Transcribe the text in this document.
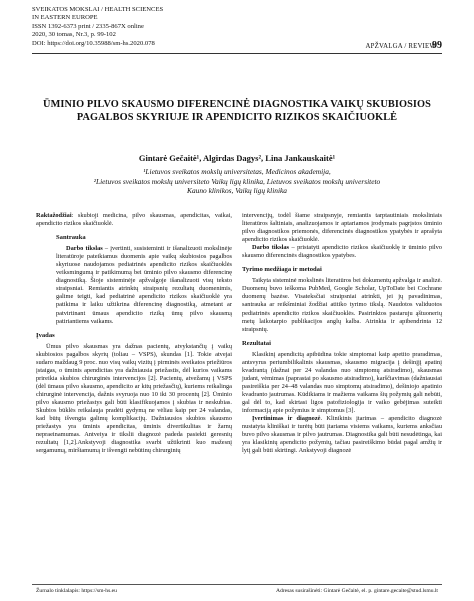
SVEIKATOS MOKSLAI / HEALTH SCIENCES
IN EASTERN EUROPE
ISSN 1392-6373 print / 2335-867X online
2020, 30 tomas, Nr.3, p. 99-102
DOI: https://doi.org/10.35988/sm-hs.2020.078	APŽVALGA / REVIEW
99
ŪMINIO PILVO SKAUSMO DIFERENCINĖ DIAGNOSTIKA VAIKŲ SKUBIOSIOS PAGALBOS SKYRIUJE IR APENDICITO RIZIKOS SKAIČIUOKLĖ
Gintarė Gečaitė¹, Algirdas Dagys², Lina Jankauskaitė¹
¹Lietuvos sveikatos mokslų universitetas, Medicinos akademija,
²Lietuvos sveikatos mokslų universiteto Vaikų ligų klinika, Lietuvos sveikatos mokslų universiteto
Kauno klinikos, Vaikų ligų klinika

Raktažodžiai: skubioji medicina, pilvo skausmas, apendicitas, vaikai, apendicito rizikos skaičiuoklė.

Santrauka

Darbo tikslas – įvertinti, susisteminti ir išanalizuoti mokslinėje literatūroje pateikiamus duomenis apie vaikų skubiosios pagalbos skyriuose naudojamos pediatrinės apendicito rizikos skaičiuoklės veiksmingumą ir patikimumą bei ūminio pilvo skausmo diferencinę diagnostiką. Šioje sisteminėje apžvalgoje išanalizuoti visų teksto straipsniai. Remiantis atrinktų straipsnių rezultatų duomenimis, galime teigti, kad pediatrinė apendicito rizikos skaičiuoklė yra patikima ir laiku užtikrina diferencinę diagnostiką, atmetant ar patvirtinant ūmaus apendicito riziką ūmų pilvo skausmą patiriantiems vaikams.

Įvadas

Ūmus pilvo skausmas yra dažnas pacientų, atvykstančių į vaikų skubiosios pagalbos skyrių (toliau – VSPS), skundas [1]. Tokie atvejai sudaro maždaug 9 proc. nuo visų vaikų vizitų į pirminės sveikatos priežiūros įstaigas, o ūminis apendicitas yra dažniausia priežastis, dėl kurios vaikams prireikia skubios chirurginės intervencijos [2]. Pacientų, atvežamų į VSPS (dėl ūmaus pilvo skausmo, apendicito ar kitų priežasčių), kuriems reikalinga chirurginė intervencija, dažnis svyruoja nuo 10 iki 30 procentų [2]. Ūminio pilvo skausmo priežastys gali būti klasifikuojamos į skubias ir neskubias. Skubios būklės reikalauja pradėti gydymą ne vėliau kaip per 24 valandas, kad būtų išvengta galimų komplikacijų. Dažniausios skubios skausmo priežastys yra ūminis apendicitas, ūminis divertikulitas ir žarnų nepraeinamumas. Antveiya ir tikslii diagnozė padeda pasiekti geresnių rezultatų [1,2].Ankstyvoji diagnostika svarbi užtikrinti kuo mažesnį sergamumą, mirštamumą ir išvengti nebūtinų chirurginių

intervencijų, todėl šiame straipsnyje, remiantis tarptautiniais moksliniais literatūros šaltiniais, analizuojamos ir aptariamos įrodymais pagrįstos ūminio pilvo diagnostikos priemonės, diferencinės diagnostikos ypatybės ir aprašyta apendicito rizikos skaičiuoklė.

Darbo tikslas – pristatyti apendicito rizikos skaičiuoklę ir ūminio pilvo skausmo diferencinės diagnostikos ypatybes.

Tyrimo medžiaga ir metodai

Taikyta sisteminė mokslinės literatūros bei dokumentų apžvalga ir analizė. Duomenų buvo ieškoma PubMed, Google Scholar, UpToDate bei Cochrane duomenų bazėse. Visateksčiai straipsniai atrinkti, jei jų pavadinimas, santrauka ar reikšminiai žodžiai atitiko tyrimo tikslą. Naudotos validuotos pediatrinės apendicito rizikos skaičiuoklės. Pasirinktos pastaruju ąštuonerių metų laikotarpio publikacijos anglų kalba. Atrinkta ir apibendrinta 12 straipsnių.

Rezultatai

Klasikinį apendicitą apibūdina tokie simptomai kaip apetito praradimas, antsvyrus periumbilikalinis skausmas, skausmo migracija į dešinįjį apatinį kvadrantą (dažnai per 24 valandas nuo simptomų atsiradimo), skausmas judant, vėmimas (paprastai po skausmo atsiradimo), karščiavimas (dažniausiai pasireiškia per 24–48 valandas nuo simptomų atsiradimo), dešiniojo apatinio kvadranto jautrumas. Kūdikiams ir mažiems vaikams šių požymių gali nebūti, gal dėl to, kad skirtasi ligos patofiziologija ir vaiko gebėjimas suteikti informaciją apie požymius ir simptomus [3].

Įvertinimas ir diagnozė. Klinikinis įtarimas – apendicito diagnozė nustatyta kliniškai ir turėtų būti įtariama visiems vaikams, kuriems anksčiau buvo pilvo skausmas ir pilvo jautrumas. Diagnostika gali būti nesudėtinga, kai yra klasikinių apendicito požymių, tačiau pasireiškimo būdai pagal amžių ir lytį gali būti skirtingi. Ankstyvoji diagnozė

Žurnalo tinklalapis: https://sm-hs.eu	Adresas susirašinėti: Gintarė Gečaitė, el. p. gintare.gecaite@stud.lsmu.lt
